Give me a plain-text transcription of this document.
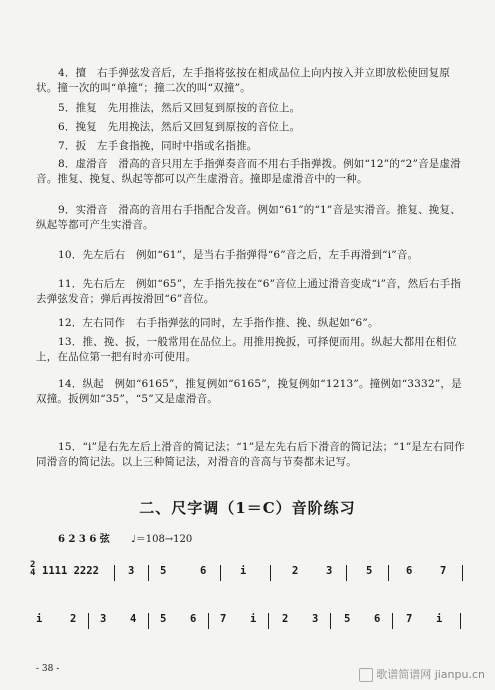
4．擅　右手弹弦发音后，左手指将弦按在相成品位上向内按入并立即放松使回复原状。撞一次的叫“单撞”；撞二次的叫“双撞”。
5．推复　先用推法，然后又回复到原按的音位上。
6．挽复　先用挽法，然后又回复到原按的音位上。
7．扳　左手食指挽，同时中指或名指推。
8．虚滑音　滑高的音只用左手指弹奏音而不用右手指弹拨。例如“12”的“2”音是虚滑音。推复、挽复、纵起等都可以产生虚滑音。撞即是虚滑音中的一种。
9．实滑音　滑高的音用右手指配合发音。例如“61”的“1”音是实滑音。推复、挽复、纵起等都可产生实滑音。
10．先左后右　例如“61”，是当右手指弹得“6”音之后，左手再滑到“i”音。
11．先右后左　例如“65”，左手指先按在“6”音位上通过滑音变成“i”音，然后右手指去弹弦发音；弹后再按滑回“6”音位。
12．左右同作　右手指弹弦的同时，左手指作推、挽、纵起如“6”。
13．推、挽、扳，一般常用在品位上。用推用挽扳，可择便而用。纵起大都用在相位上，在品位第一把有时亦可使用。
14．纵起　例如“6165”，推复例如“6165”，挽复例如“1213”。撞例如“3332”，是双撞。扳例如“35”，“5”又是虚滑音。
15．“i”是右先左后上滑音的简记法；“1”是左先右后下滑音的简记法；“1”是左右同作同滑音的简记法。以上三种简记法，对滑音的音高与节奏都未记写。
二、尺字调（1＝C）音阶练习
6 2 3 6 弦 ♩＝108→120
2
4 1111 2222	3 5	6	i	2	3	5	6	7
i	2 3 4 5 6 7 i 2 3 5 6 7 i
- 38 -	歌谱简谱网 jianpu.cn
